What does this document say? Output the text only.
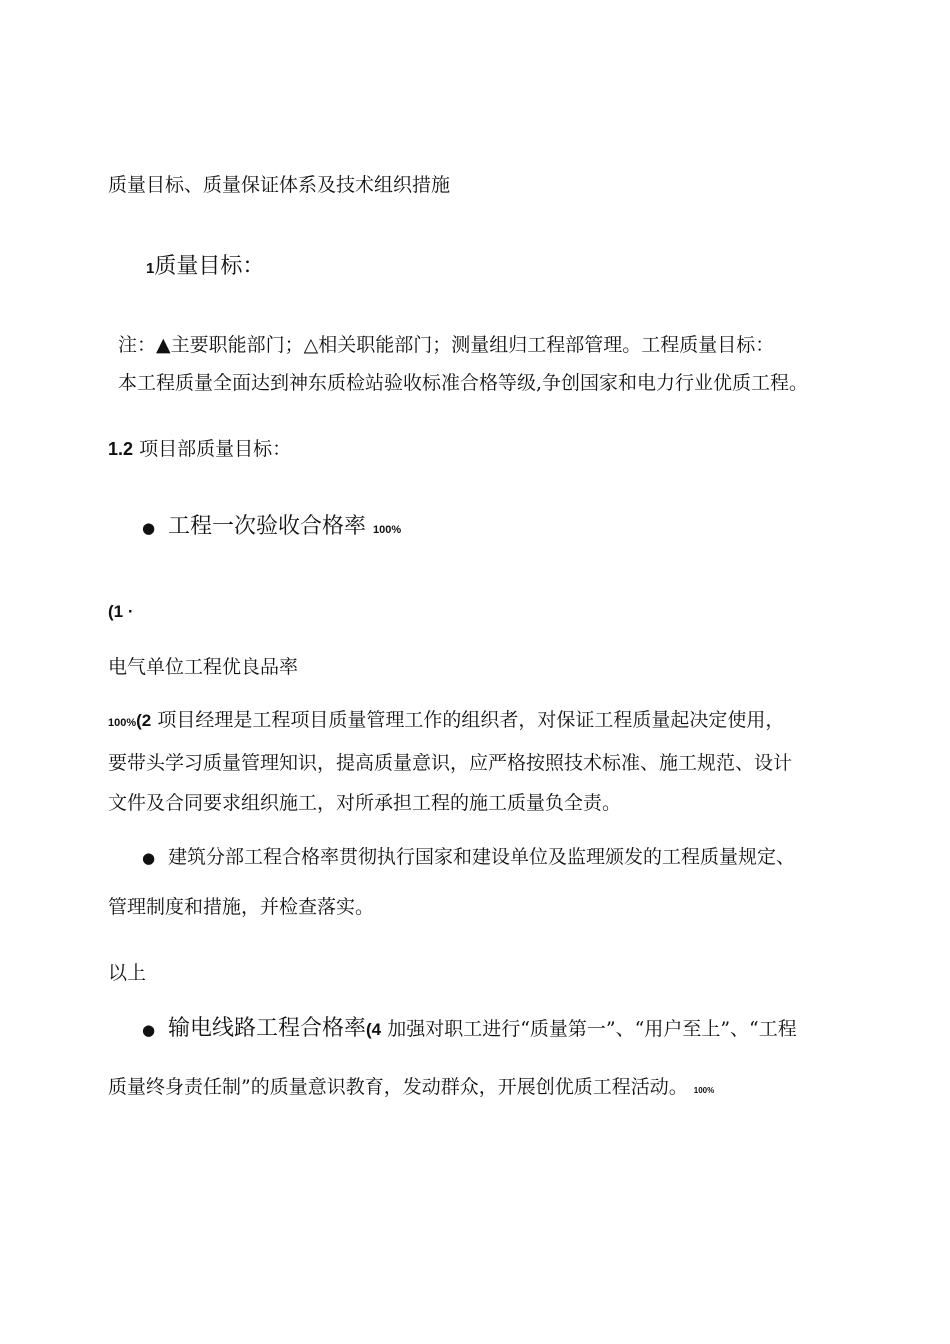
质量目标、质量保证体系及技术组织措施
1质量目标：
注：▲主要职能部门；△相关职能部门；测量组归工程部管理。工程质量目标：
本工程质量全面达到神东质检站验收标准合格等级,争创国家和电力行业优质工程。
1.2 项目部质量目标：
● 工程一次验收合格率 100%
(1 ·
电气单位工程优良品率
100%(2 项目经理是工程项目质量管理工作的组织者，对保证工程质量起决定使用，
要带头学习质量管理知识，提高质量意识，应严格按照技术标准、施工规范、设计
文件及合同要求组织施工，对所承担工程的施工质量负全责。
● 建筑分部工程合格率贯彻执行国家和建设单位及监理颁发的工程质量规定、
管理制度和措施，并检查落实。
以上
● 输电线路工程合格率(4 加强对职工进行“质量第一”、“用户至上”、“工程
质量终身责任制”的质量意识教育，发动群众，开展创优质工程活动。 100%
